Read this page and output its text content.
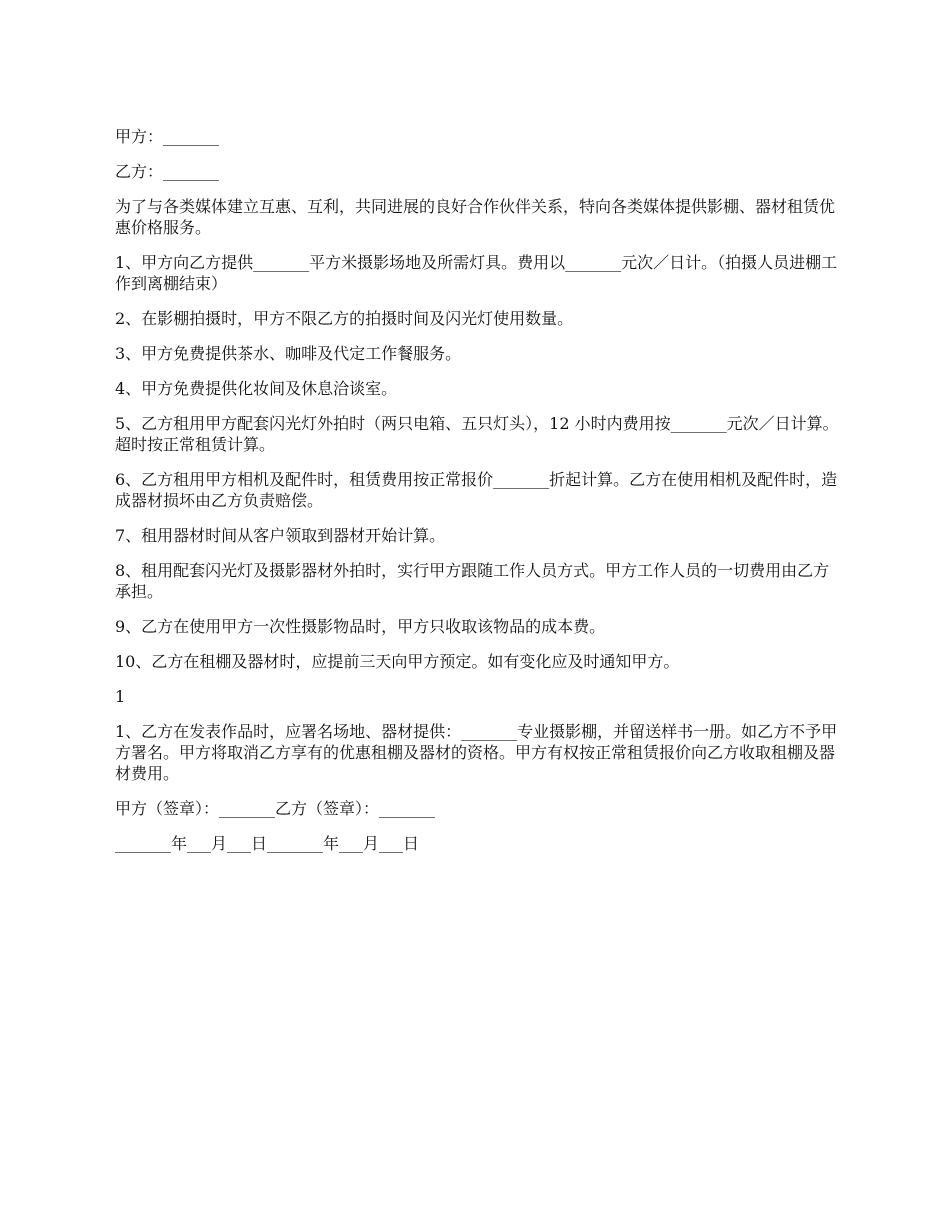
甲方：_______

乙方：_______

为了与各类媒体建立互惠、互利，共同进展的良好合作伙伴关系，特向各类媒体提供影棚、器材租赁优惠价格服务。

1、甲方向乙方提供_______平方米摄影场地及所需灯具。费用以_______元次／日计。（拍摄人员进棚工作到离棚结束）

2、在影棚拍摄时，甲方不限乙方的拍摄时间及闪光灯使用数量。

3、甲方免费提供茶水、咖啡及代定工作餐服务。

4、甲方免费提供化妆间及休息洽谈室。

5、乙方租用甲方配套闪光灯外拍时（两只电箱、五只灯头），12 小时内费用按_______元次／日计算。超时按正常租赁计算。

6、乙方租用甲方相机及配件时，租赁费用按正常报价_______折起计算。乙方在使用相机及配件时，造成器材损坏由乙方负责赔偿。

7、租用器材时间从客户领取到器材开始计算。

8、租用配套闪光灯及摄影器材外拍时，实行甲方跟随工作人员方式。甲方工作人员的一切费用由乙方承担。

9、乙方在使用甲方一次性摄影物品时，甲方只收取该物品的成本费。

10、乙方在租棚及器材时，应提前三天向甲方预定。如有变化应及时通知甲方。

1

1、乙方在发表作品时，应署名场地、器材提供：_______专业摄影棚，并留送样书一册。如乙方不予甲方署名。甲方将取消乙方享有的优惠租棚及器材的资格。甲方有权按正常租赁报价向乙方收取租棚及器材费用。

甲方（签章）：_______乙方（签章）：_______

_______年___月___日_______年___月___日
